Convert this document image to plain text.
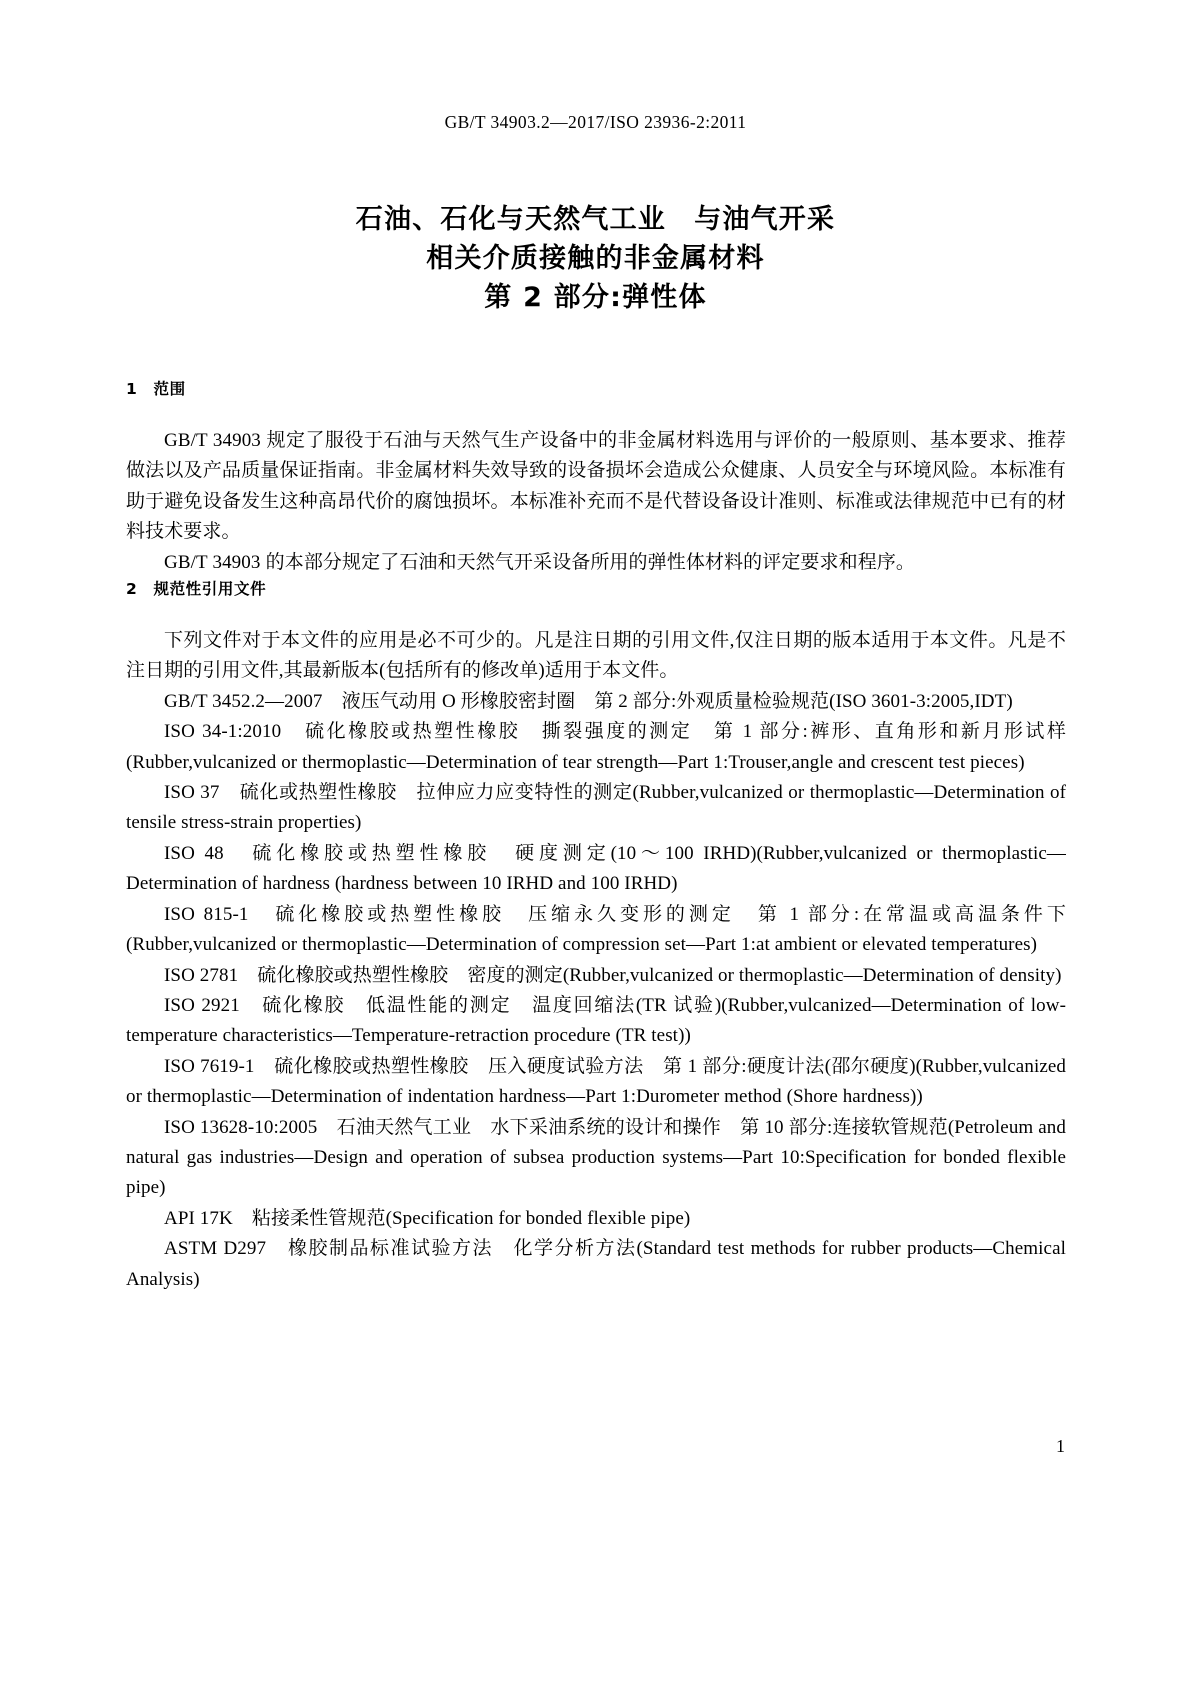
GB/T 34903.2—2017/ISO 23936-2:2011
石油、石化与天然气工业　与油气开采
相关介质接触的非金属材料
第 2 部分:弹性体
1　范围

GB/T 34903 规定了服役于石油与天然气生产设备中的非金属材料选用与评价的一般原则、基本要求、推荐做法以及产品质量保证指南。非金属材料失效导致的设备损坏会造成公众健康、人员安全与环境风险。本标准有助于避免设备发生这种高昂代价的腐蚀损坏。本标准补充而不是代替设备设计准则、标准或法律规范中已有的材料技术要求。

GB/T 34903 的本部分规定了石油和天然气开采设备所用的弹性体材料的评定要求和程序。

2　规范性引用文件

下列文件对于本文件的应用是必不可少的。凡是注日期的引用文件,仅注日期的版本适用于本文件。凡是不注日期的引用文件,其最新版本(包括所有的修改单)适用于本文件。

GB/T 3452.2—2007　液压气动用 O 形橡胶密封圈　第 2 部分:外观质量检验规范(ISO 3601-3:2005,IDT)

ISO 34-1:2010　硫化橡胶或热塑性橡胶　撕裂强度的测定　第 1 部分:裤形、直角形和新月形试样 (Rubber,vulcanized or thermoplastic—Determination of tear strength—Part 1:Trouser,angle and crescent test pieces)

ISO 37　硫化或热塑性橡胶　拉伸应力应变特性的测定(Rubber,vulcanized or thermoplastic—Determination of tensile stress-strain properties)

ISO 48　硫化橡胶或热塑性橡胶　硬度测定(10～100 IRHD)(Rubber,vulcanized or thermoplastic—Determination of hardness (hardness between 10 IRHD and 100 IRHD)

ISO 815-1　硫化橡胶或热塑性橡胶　压缩永久变形的测定　第 1 部分:在常温或高温条件下(Rubber,vulcanized or thermoplastic—Determination of compression set—Part 1:at ambient or elevated temperatures)

ISO 2781　硫化橡胶或热塑性橡胶　密度的测定(Rubber,vulcanized or thermoplastic—Determination of density)

ISO 2921　硫化橡胶　低温性能的测定　温度回缩法(TR 试验)(Rubber,vulcanized—Determination of low-temperature characteristics—Temperature-retraction procedure (TR test))

ISO 7619-1　硫化橡胶或热塑性橡胶　压入硬度试验方法　第 1 部分:硬度计法(邵尔硬度)(Rubber,vulcanized or thermoplastic—Determination of indentation hardness—Part 1:Durometer method (Shore hardness))

ISO 13628-10:2005　石油天然气工业　水下采油系统的设计和操作　第 10 部分:连接软管规范(Petroleum and natural gas industries—Design and operation of subsea production systems—Part 10:Specification for bonded flexible pipe)

API 17K　粘接柔性管规范(Specification for bonded flexible pipe)

ASTM D297　橡胶制品标准试验方法　化学分析方法(Standard test methods for rubber products—Chemical Analysis)

1
